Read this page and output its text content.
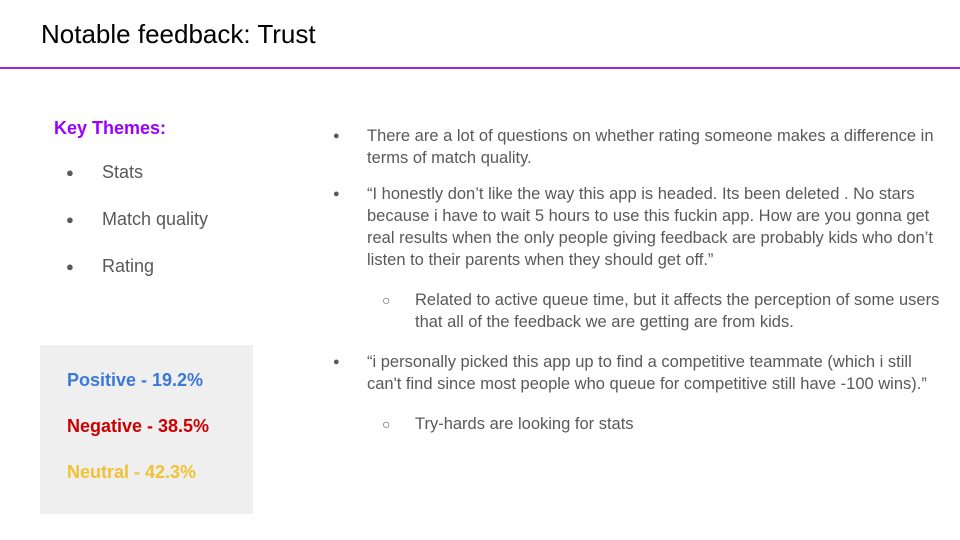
Notable feedback: Trust
Key Themes:
● Stats
● Match quality
● Rating

Positive - 19.2%

Negative - 38.5%

Neutral - 42.3%

● There are a lot of questions on whether rating someone makes a difference in terms of match quality.
● “I honestly don’t like the way this app is headed. Its been deleted . No stars because i have to wait 5 hours to use this fuckin app. How are you gonna get real results when the only people giving feedback are probably kids who don’t listen to their parents when they should get off.”
○ Related to active queue time, but it affects the perception of some users that all of the feedback we are getting are from kids.
● “i personally picked this app up to find a competitive teammate (which i still can't find since most people who queue for competitive still have -100 wins).”
○ Try-hards are looking for stats
